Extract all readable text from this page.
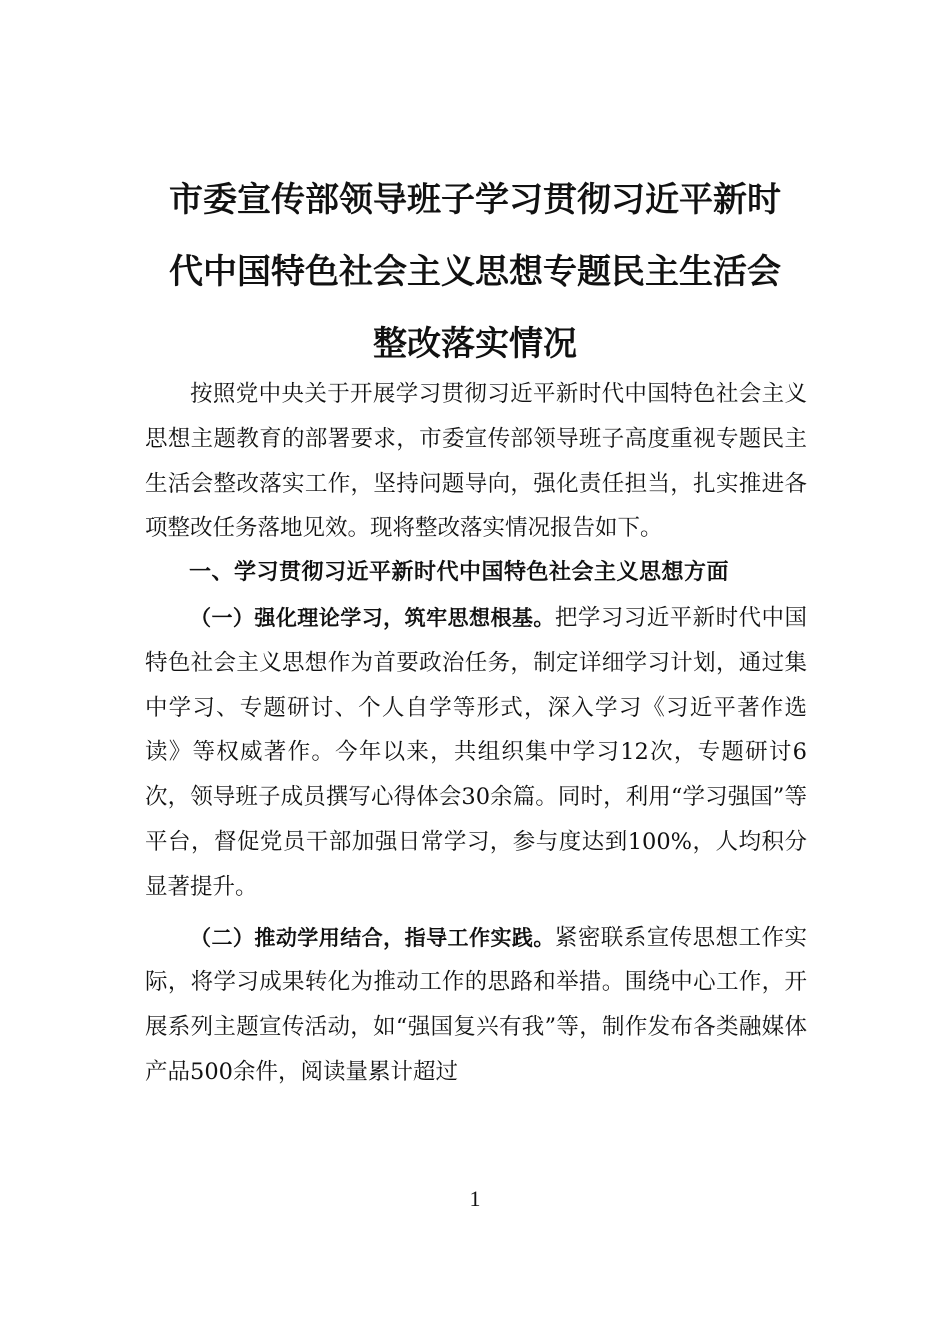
市委宣传部领导班子学习贯彻习近平新时
代中国特色社会主义思想专题民主生活会
整改落实情况

按照党中央关于开展学习贯彻习近平新时代中国特色社会主义思想主题教育的部署要求，市委宣传部领导班子高度重视专题民主生活会整改落实工作，坚持问题导向，强化责任担当，扎实推进各项整改任务落地见效。现将整改落实情况报告如下。

一、学习贯彻习近平新时代中国特色社会主义思想方面

（一）强化理论学习，筑牢思想根基。把学习习近平新时代中国特色社会主义思想作为首要政治任务，制定详细学习计划，通过集中学习、专题研讨、个人自学等形式，深入学习《习近平著作选读》等权威著作。今年以来，共组织集中学习12次，专题研讨6次，领导班子成员撰写心得体会30余篇。同时，利用“学习强国”等平台，督促党员干部加强日常学习，参与度达到100%，人均积分显著提升。

（二）推动学用结合，指导工作实践。紧密联系宣传思想工作实际，将学习成果转化为推动工作的思路和举措。围绕中心工作，开展系列主题宣传活动，如“强国复兴有我”等，制作发布各类融媒体产品500余件，阅读量累计超过

1
